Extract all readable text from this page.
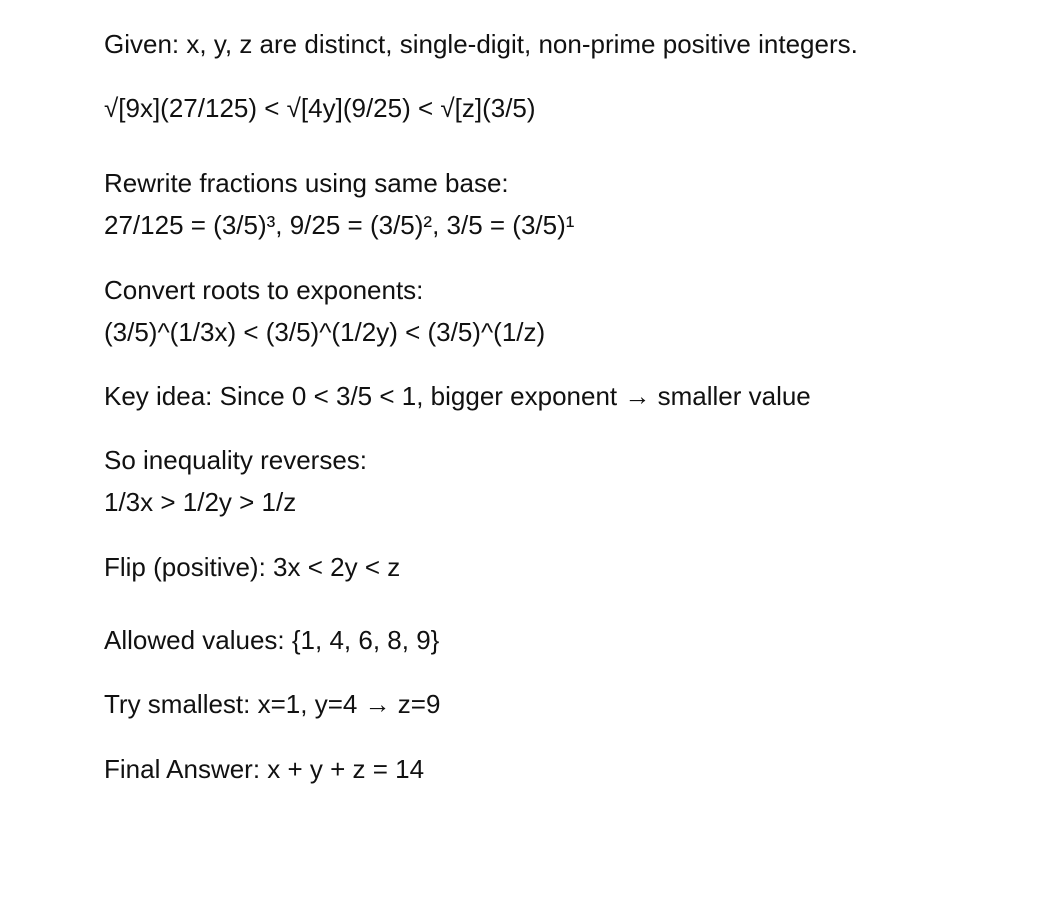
Given: x, y, z are distinct, single-digit, non-prime positive integers.
√[9x](27/125) < √[4y](9/25) < √[z](3/5)
Rewrite fractions using same base:
27/125 = (3/5)³, 9/25 = (3/5)², 3/5 = (3/5)¹
Convert roots to exponents:
(3/5)^(1/3x) < (3/5)^(1/2y) < (3/5)^(1/z)
Key idea: Since 0 < 3/5 < 1, bigger exponent → smaller value
So inequality reverses:
1/3x > 1/2y > 1/z
Flip (positive): 3x < 2y < z
Allowed values: {1, 4, 6, 8, 9}
Try smallest: x=1, y=4 → z=9
Final Answer: x + y + z = 14
